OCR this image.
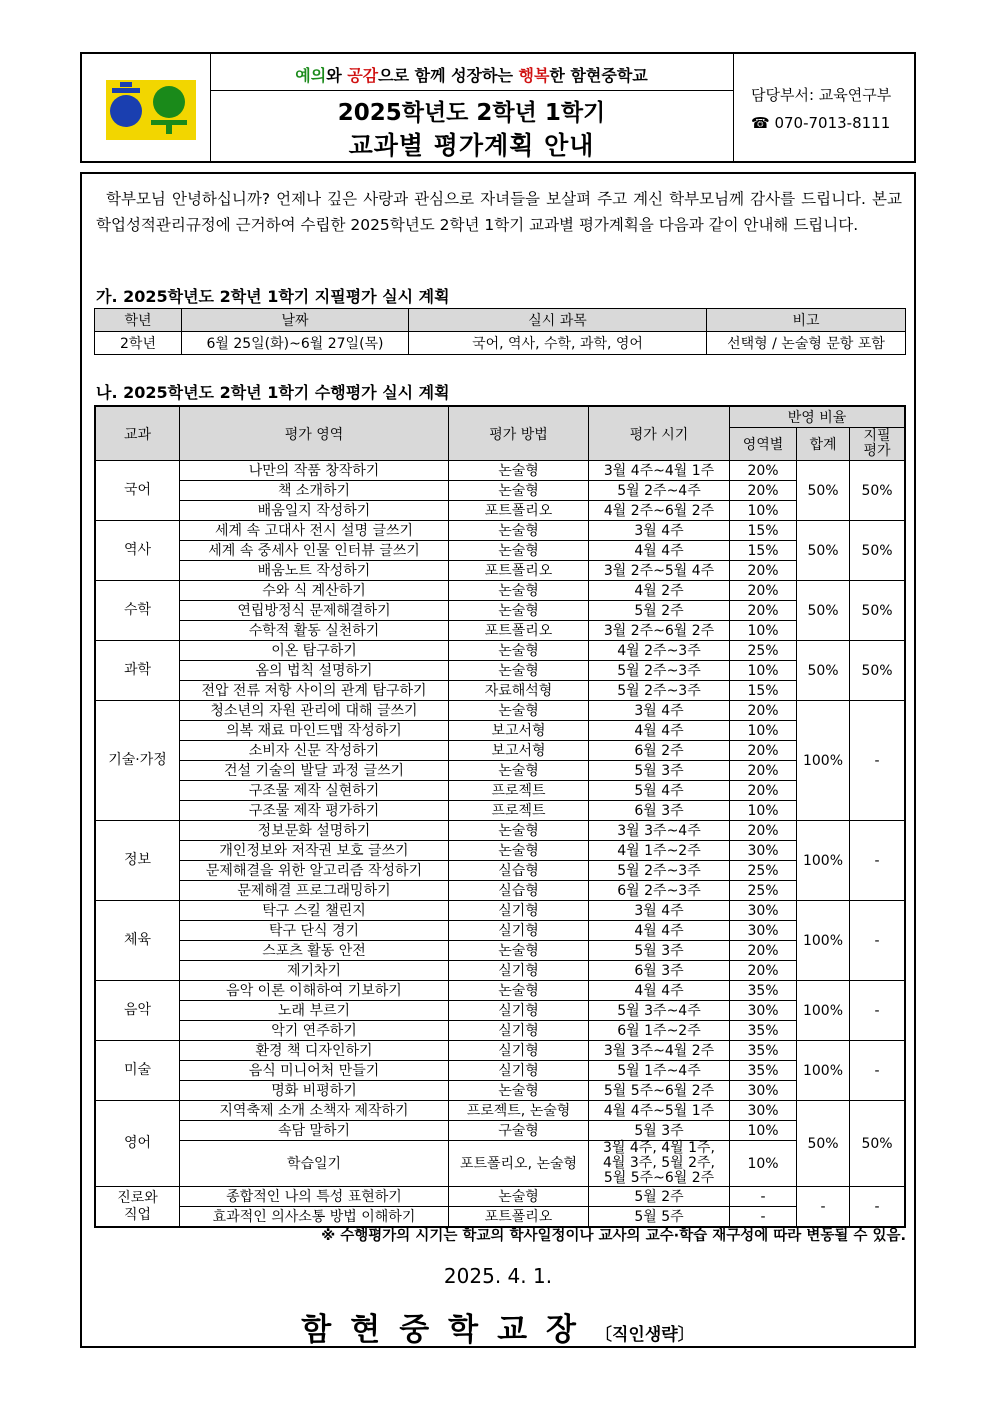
예의와 공감으로 함께 성장하는 행복한 함현중학교
2025학년도 2학년 1학기
교과별 평가계획 안내
담당부서: 교육연구부
☎ 070-7013-8111
학부모님 안녕하십니까? 언제나 깊은 사랑과 관심으로 자녀들을 보살펴 주고 계신 학부모님께 감사를 드립니다. 본교 학업성적관리규정에 근거하여 수립한 2025학년도 2학년 1학기 교과별 평가계획을 다음과 같이 안내해 드립니다.
가. 2025학년도 2학년 1학기 지필평가 실시 계획
학년	날짜	실시 과목	비고
2학년	6월 25일(화)~6월 27일(목)	국어, 역사, 수학, 과학, 영어	선택형 / 논술형 문항 포함
나. 2025학년도 2학년 1학기 수행평가 실시 계획
교과	평가 영역	평가 방법	평가 시기	반영 비율		
				영역별	합계	지필
평가
국어	나만의 작품 창작하기	논술형	3월 4주~4월 1주	20%	50%	50%
	책 소개하기	논술형	5월 2주~4주	20%		
	배움일지 작성하기	포트폴리오	4월 2주~6월 2주	10%		
역사	세계 속 고대사 전시 설명 글쓰기	논술형	3월 4주	15%	50%	50%
	세계 속 중세사 인물 인터뷰 글쓰기	논술형	4월 4주	15%		
	배움노트 작성하기	포트폴리오	3월 2주~5월 4주	20%		
수학	수와 식 계산하기	논술형	4월 2주	20%	50%	50%
	연립방정식 문제해결하기	논술형	5월 2주	20%		
	수학적 활동 실천하기	포트폴리오	3월 2주~6월 2주	10%		
과학	이온 탐구하기	논술형	4월 2주~3주	25%	50%	50%
	옴의 법칙 설명하기	논술형	5월 2주~3주	10%		
	전압 전류 저항 사이의 관계 탐구하기	자료해석형	5월 2주~3주	15%		
기술·가정	청소년의 자원 관리에 대해 글쓰기	논술형	3월 4주	20%	100%	-
	의복 재료 마인드맵 작성하기	보고서형	4월 4주	10%		
	소비자 신문 작성하기	보고서형	6월 2주	20%		
	건설 기술의 발달 과정 글쓰기	논술형	5월 3주	20%		
	구조물 제작 실현하기	프로젝트	5월 4주	20%		
	구조물 제작 평가하기	프로젝트	6월 3주	10%		
정보	정보문화 설명하기	논술형	3월 3주~4주	20%	100%	-
	개인정보와 저작권 보호 글쓰기	논술형	4월 1주~2주	30%		
	문제해결을 위한 알고리즘 작성하기	실습형	5월 2주~3주	25%		
	문제해결 프로그래밍하기	실습형	6월 2주~3주	25%		
체육	탁구 스킬 챌린지	실기형	3월 4주	30%	100%	-
	탁구 단식 경기	실기형	4월 4주	30%		
	스포츠 활동 안전	논술형	5월 3주	20%		
	제기차기	실기형	6월 3주	20%		
음악	음악 이론 이해하여 기보하기	논술형	4월 4주	35%	100%	-
	노래 부르기	실기형	5월 3주~4주	30%		
	악기 연주하기	실기형	6월 1주~2주	35%		
미술	환경 책 디자인하기	실기형	3월 3주~4월 2주	35%	100%	-
	음식 미니어처 만들기	실기형	5월 1주~4주	35%		
	명화 비평하기	논술형	5월 5주~6월 2주	30%		
영어	지역축제 소개 소책자 제작하기	프로젝트, 논술형	4월 4주~5월 1주	30%	50%	50%
	속담 말하기	구술형	5월 3주	10%		
	학습일기	포트폴리오, 논술형	3월 4주, 4월 1주,
4월 3주, 5월 2주,
5월 5주~6월 2주	10%		
진로와
직업	종합적인 나의 특성 표현하기	논술형	5월 2주	-	-	-
	효과적인 의사소통 방법 이해하기	포트폴리오	5월 5주	-		
※ 수행평가의 시기는 학교의 학사일정이나 교사의 교수·학습 재구성에 따라 변동될 수 있음.
2025. 4. 1.
함현중학교장〔직인생략〕
